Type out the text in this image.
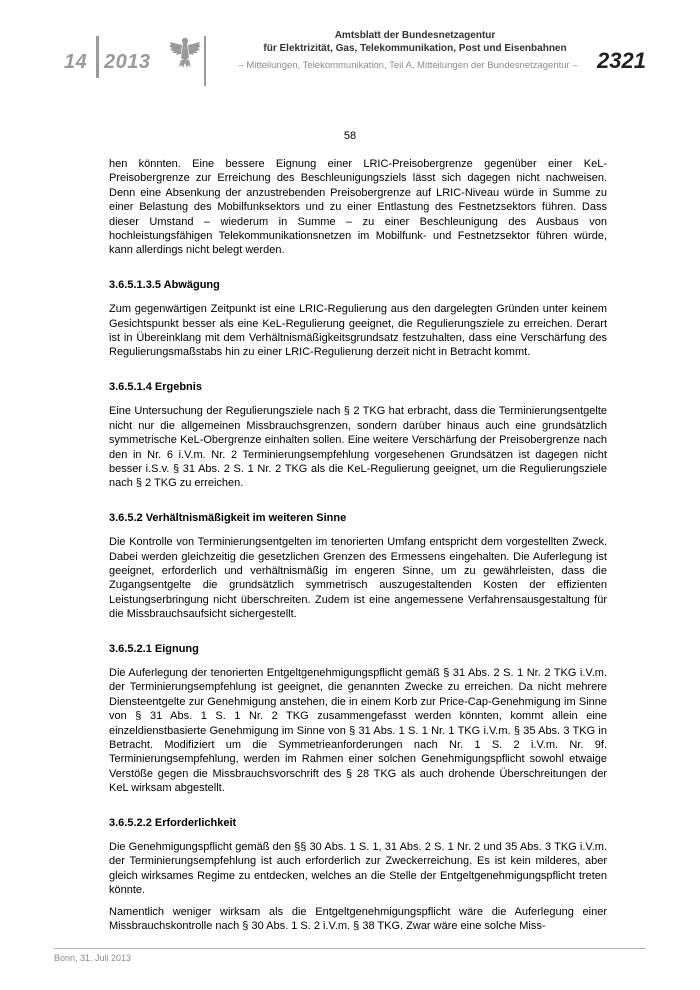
14 2013
Amtsblatt der Bundesnetzagentur
für Elektrizität, Gas, Telekommunikation, Post und Eisenbahnen
– Mitteilungen, Telekommunikation, Teil A, Mitteilungen der Bundesnetzagentur – 2321
58

hen könnten. Eine bessere Eignung einer LRIC-Preisobergrenze gegenüber einer KeL-Preisobergrenze zur Erreichung des Beschleunigungsziels lässt sich dagegen nicht nachweisen. Denn eine Absenkung der anzustrebenden Preisobergrenze auf LRIC-Niveau würde in Summe zu einer Belastung des Mobilfunksektors und zu einer Entlastung des Festnetzsektors führen. Dass dieser Umstand – wiederum in Summe – zu einer Beschleunigung des Ausbaus von hochleistungsfähigen Telekommunikationsnetzen im Mobilfunk- und Festnetzsektor führen würde, kann allerdings nicht belegt werden.

3.6.5.1.3.5 Abwägung

Zum gegenwärtigen Zeitpunkt ist eine LRIC-Regulierung aus den dargelegten Gründen unter keinem Gesichtspunkt besser als eine KeL-Regulierung geeignet, die Regulierungsziele zu erreichen. Derart ist in Übereinklang mit dem Verhältnismäßigkeitsgrundsatz festzuhalten, dass eine Verschärfung des Regulierungsmaßstabs hin zu einer LRIC-Regulierung derzeit nicht in Betracht kommt.

3.6.5.1.4 Ergebnis

Eine Untersuchung der Regulierungsziele nach § 2 TKG hat erbracht, dass die Terminierungsentgelte nicht nur die allgemeinen Missbrauchsgrenzen, sondern darüber hinaus auch eine grundsätzlich symmetrische KeL-Obergrenze einhalten sollen. Eine weitere Verschärfung der Preisobergrenze nach den in Nr. 6 i.V.m. Nr. 2 Terminierungsempfehlung vorgesehenen Grundsätzen ist dagegen nicht besser i.S.v. § 31 Abs. 2 S. 1 Nr. 2 TKG als die KeL-Regulierung geeignet, um die Regulierungsziele nach § 2 TKG zu erreichen.

3.6.5.2 Verhältnismäßigkeit im weiteren Sinne

Die Kontrolle von Terminierungsentgelten im tenorierten Umfang entspricht dem vorgestellten Zweck. Dabei werden gleichzeitig die gesetzlichen Grenzen des Ermessens eingehalten. Die Auferlegung ist geeignet, erforderlich und verhältnismäßig im engeren Sinne, um zu gewährleisten, dass die Zugangsentgelte die grundsätzlich symmetrisch auszugestaltenden Kosten der effizienten Leistungserbringung nicht überschreiten. Zudem ist eine angemessene Verfahrensausgestaltung für die Missbrauchsaufsicht sichergestellt.

3.6.5.2.1 Eignung

Die Auferlegung der tenorierten Entgeltgenehmigungspflicht gemäß § 31 Abs. 2 S. 1 Nr. 2 TKG i.V.m. der Terminierungsempfehlung ist geeignet, die genannten Zwecke zu erreichen. Da nicht mehrere Diensteentgelte zur Genehmigung anstehen, die in einem Korb zur Price-Cap-Genehmigung im Sinne von § 31 Abs. 1 S. 1 Nr. 2 TKG zusammengefasst werden könnten, kommt allein eine einzeldienstbasierte Genehmigung im Sinne von § 31 Abs. 1 S. 1 Nr. 1 TKG i.V.m. § 35 Abs. 3 TKG in Betracht. Modifiziert um die Symmetrieanforderungen nach Nr. 1 S. 2 i.V.m. Nr. 9f. Terminierungsempfehlung, werden im Rahmen einer solchen Genehmigungspflicht sowohl etwaige Verstöße gegen die Missbrauchsvorschrift des § 28 TKG als auch drohende Überschreitungen der KeL wirksam abgestellt.

3.6.5.2.2 Erforderlichkeit

Die Genehmigungspflicht gemäß den §§ 30 Abs. 1 S. 1, 31 Abs. 2 S. 1 Nr. 2 und 35 Abs. 3 TKG i.V.m. der Terminierungsempfehlung ist auch erforderlich zur Zweckerreichung. Es ist kein milderes, aber gleich wirksames Regime zu entdecken, welches an die Stelle der Entgeltgenehmigungspflicht treten könnte.

Namentlich weniger wirksam als die Entgeltgenehmigungspflicht wäre die Auferlegung einer Missbrauchskontrolle nach § 30 Abs. 1 S. 2 i.V.m. § 38 TKG. Zwar wäre eine solche Miss-

Bonn, 31. Juli 2013
